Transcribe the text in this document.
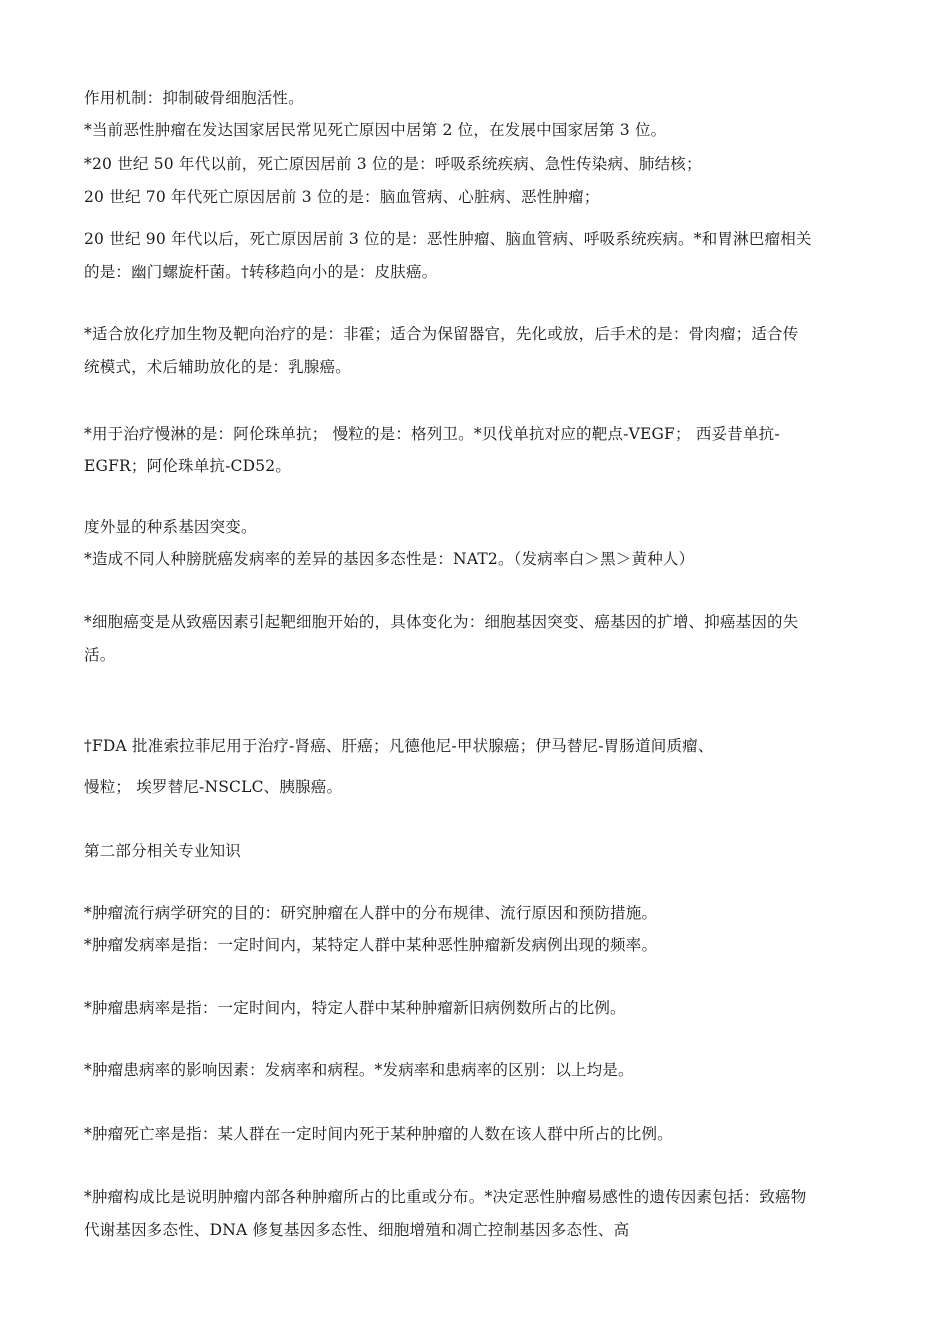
作用机制：抑制破骨细胞活性。
*当前恶性肿瘤在发达国家居民常见死亡原因中居第 2 位，在发展中国家居第 3 位。
*20 世纪 50 年代以前，死亡原因居前 3 位的是：呼吸系统疾病、急性传染病、肺结核；
20 世纪 70 年代死亡原因居前 3 位的是：脑血管病、心脏病、恶性肿瘤；
20 世纪 90 年代以后，死亡原因居前 3 位的是：恶性肿瘤、脑血管病、呼吸系统疾病。*和胃淋巴瘤相关
的是：幽门螺旋杆菌。†转移趋向小的是：皮肤癌。
*适合放化疗加生物及靶向治疗的是：非霍；适合为保留器官，先化或放，后手术的是：骨肉瘤；适合传
统模式，术后辅助放化的是：乳腺癌。
*用于治疗慢淋的是：阿伦珠单抗； 慢粒的是：格列卫。*贝伐单抗对应的靶点-VEGF； 西妥昔单抗-
EGFR；阿伦珠单抗-CD52。
度外显的种系基因突变。
*造成不同人种膀胱癌发病率的差异的基因多态性是：NAT2。（发病率白＞黑＞黄种人）
*细胞癌变是从致癌因素引起靶细胞开始的，具体变化为：细胞基因突变、癌基因的扩增、抑癌基因的失
活。
†FDA 批准索拉菲尼用于治疗-肾癌、肝癌；凡德他尼-甲状腺癌；伊马替尼-胃肠道间质瘤、
慢粒； 埃罗替尼-NSCLC、胰腺癌。
第二部分相关专业知识
*肿瘤流行病学研究的目的：研究肿瘤在人群中的分布规律、流行原因和预防措施。
*肿瘤发病率是指：一定时间内，某特定人群中某种恶性肿瘤新发病例出现的频率。
*肿瘤患病率是指：一定时间内，特定人群中某种肿瘤新旧病例数所占的比例。
*肿瘤患病率的影响因素：发病率和病程。*发病率和患病率的区别：以上均是。
*肿瘤死亡率是指：某人群在一定时间内死于某种肿瘤的人数在该人群中所占的比例。
*肿瘤构成比是说明肿瘤内部各种肿瘤所占的比重或分布。*决定恶性肿瘤易感性的遗传因素包括：致癌物
代谢基因多态性、DNA 修复基因多态性、细胞增殖和凋亡控制基因多态性、高
